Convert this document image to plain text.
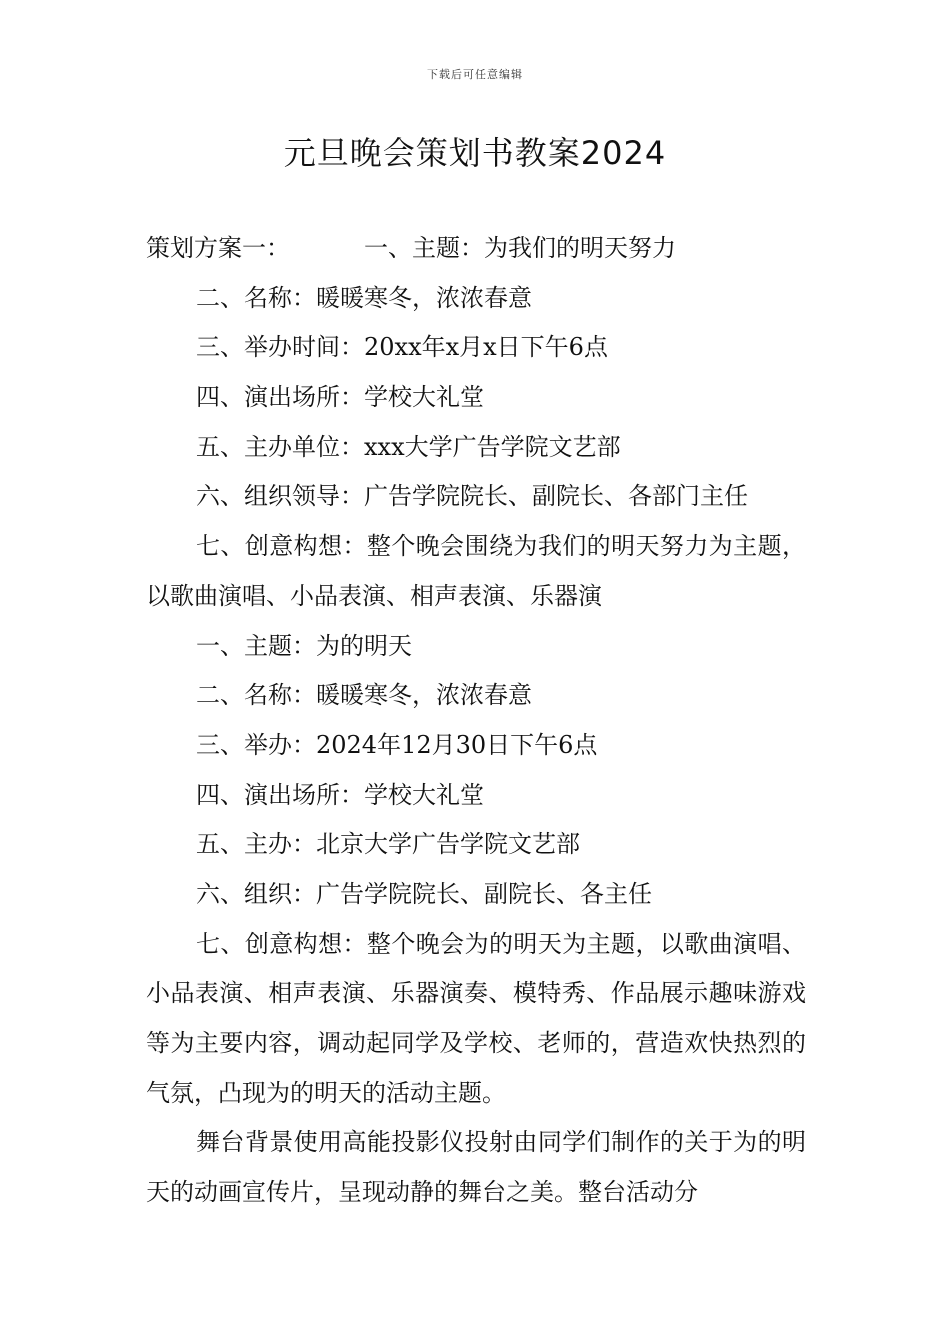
下载后可任意编辑
元旦晚会策划书教案2024

策划方案一：	一、主题：为我们的明天努力

二、名称：暖暖寒冬，浓浓春意

三、举办时间：20xx年x月x日下午6点

四、演出场所：学校大礼堂

五、主办单位：xxx大学广告学院文艺部

六、组织领导：广告学院院长、副院长、各部门主任

七、创意构想：整个晚会围绕为我们的明天努力为主题，以歌曲演唱、小品表演、相声表演、乐器演

一、主题：为的明天

二、名称：暖暖寒冬，浓浓春意

三、举办：2024年12月30日下午6点

四、演出场所：学校大礼堂

五、主办：北京大学广告学院文艺部

六、组织：广告学院院长、副院长、各主任

七、创意构想：整个晚会为的明天为主题，以歌曲演唱、小品表演、相声表演、乐器演奏、模特秀、作品展示趣味游戏等为主要内容，调动起同学及学校、老师的，营造欢快热烈的气氛，凸现为的明天的活动主题。

舞台背景使用高能投影仪投射由同学们制作的关于为的明天的动画宣传片，呈现动静的舞台之美。整台活动分
